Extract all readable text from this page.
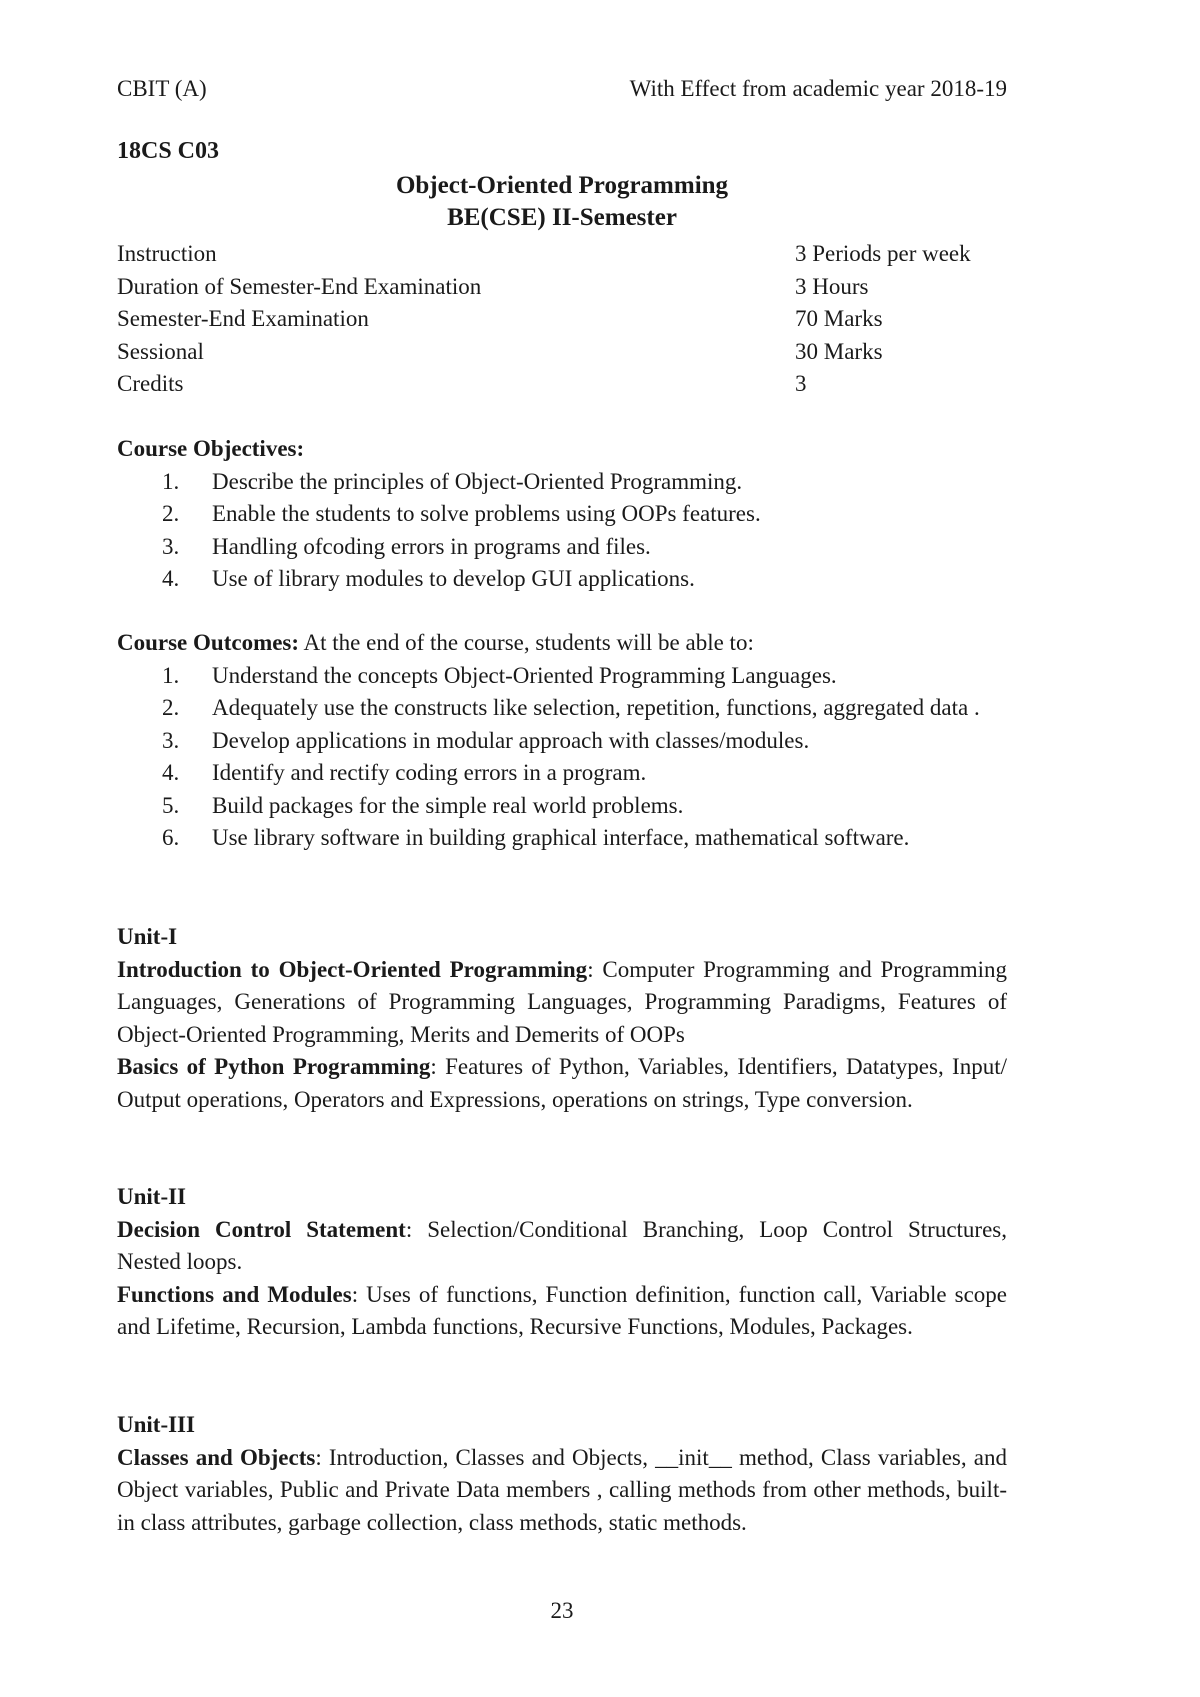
CBIT (A)	With Effect from academic year 2018-19
18CS C03
Object-Oriented Programming
BE(CSE) II-Semester
Instruction	3 Periods per week
Duration of Semester-End Examination	3 Hours
Semester-End Examination	70 Marks
Sessional	30 Marks
Credits	3
Course Objectives:
1. Describe the principles of Object-Oriented Programming.
2. Enable the students to solve problems using OOPs features.
3. Handling ofcoding errors in programs and files.
4. Use of library modules to develop GUI applications.
Course Outcomes: At the end of the course, students will be able to:
1. Understand the concepts Object-Oriented Programming Languages.
2. Adequately use the constructs like selection, repetition, functions, aggregated data .
3. Develop applications in modular approach with classes/modules.
4. Identify and rectify coding errors in a program.
5. Build packages for the simple real world problems.
6. Use library software in building graphical interface, mathematical software.
Unit-I

Introduction to Object-Oriented Programming: Computer Programming and Programming Languages, Generations of Programming Languages, Programming Paradigms, Features of Object-Oriented Programming, Merits and Demerits of OOPs

Basics of Python Programming: Features of Python, Variables, Identifiers, Datatypes, Input/ Output operations, Operators and Expressions, operations on strings, Type conversion.

Unit-II

Decision Control Statement: Selection/Conditional Branching, Loop Control Structures, Nested loops.

Functions and Modules: Uses of functions, Function definition, function call, Variable scope and Lifetime, Recursion, Lambda functions, Recursive Functions, Modules, Packages.

Unit-III

Classes and Objects: Introduction, Classes and Objects, __init__ method, Class variables, and Object variables, Public and Private Data members , calling methods from other methods, built-in class attributes, garbage collection, class methods, static methods.

23
